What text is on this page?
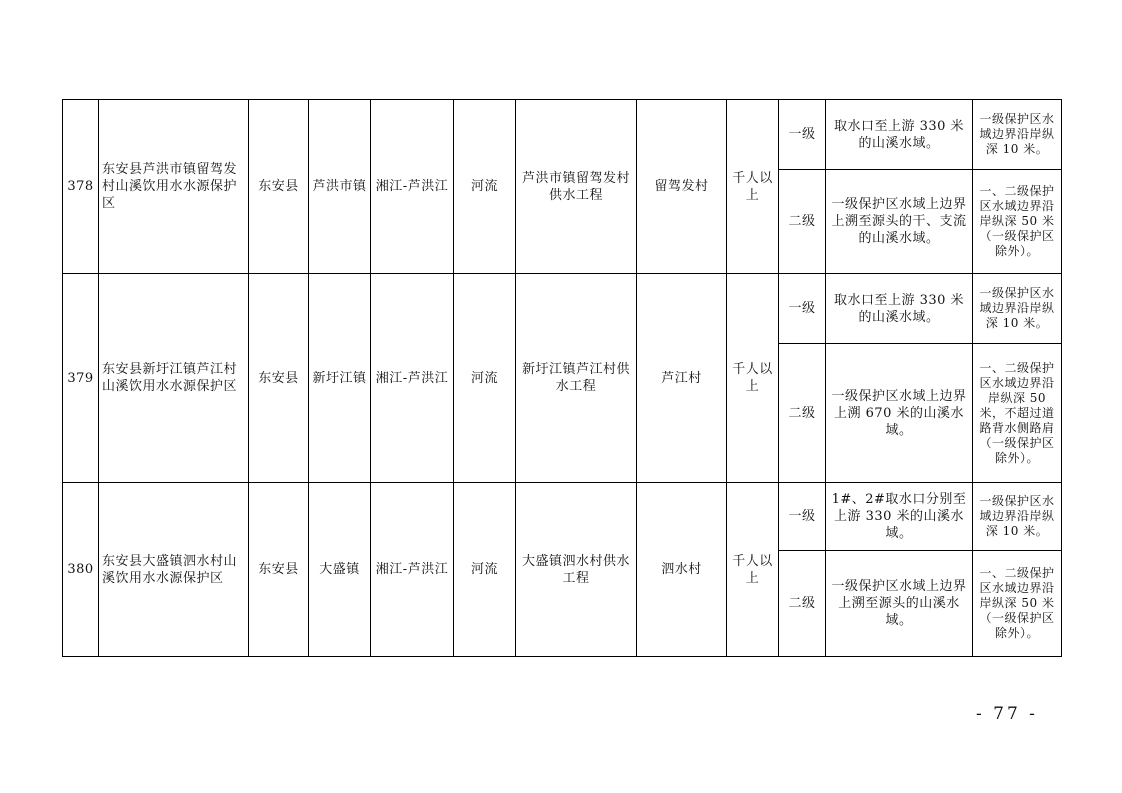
378	东安县芦洪市镇留驾发村山溪饮用水水源保护区	东安县	芦洪市镇	湘江-芦洪江	河流	芦洪市镇留驾发村供水工程	留驾发村	千人以上	一级	取水口至上游 330 米的山溪水域。	一级保护区水域边界沿岸纵深 10 米。
									二级	一级保护区水域上边界上溯至源头的干、支流的山溪水域。	一、二级保护区水域边界沿岸纵深 50 米（一级保护区除外）。
379	东安县新圩江镇芦江村山溪饮用水水源保护区	东安县	新圩江镇	湘江-芦洪江	河流	新圩江镇芦江村供水工程	芦江村	千人以上	一级	取水口至上游 330 米的山溪水域。	一级保护区水域边界沿岸纵深 10 米。
									二级	一级保护区水域上边界上溯 670 米的山溪水域。	一、二级保护区水域边界沿岸纵深 50 米，不超过道路背水侧路肩（一级保护区除外）。
380	东安县大盛镇泗水村山溪饮用水水源保护区	东安县	大盛镇	湘江-芦洪江	河流	大盛镇泗水村供水工程	泗水村	千人以上	一级	1#、2#取水口分别至上游 330 米的山溪水域。	一级保护区水域边界沿岸纵深 10 米。
									二级	一级保护区水域上边界上溯至源头的山溪水域。	一、二级保护区水域边界沿岸纵深 50 米（一级保护区除外）。
- 77 -
